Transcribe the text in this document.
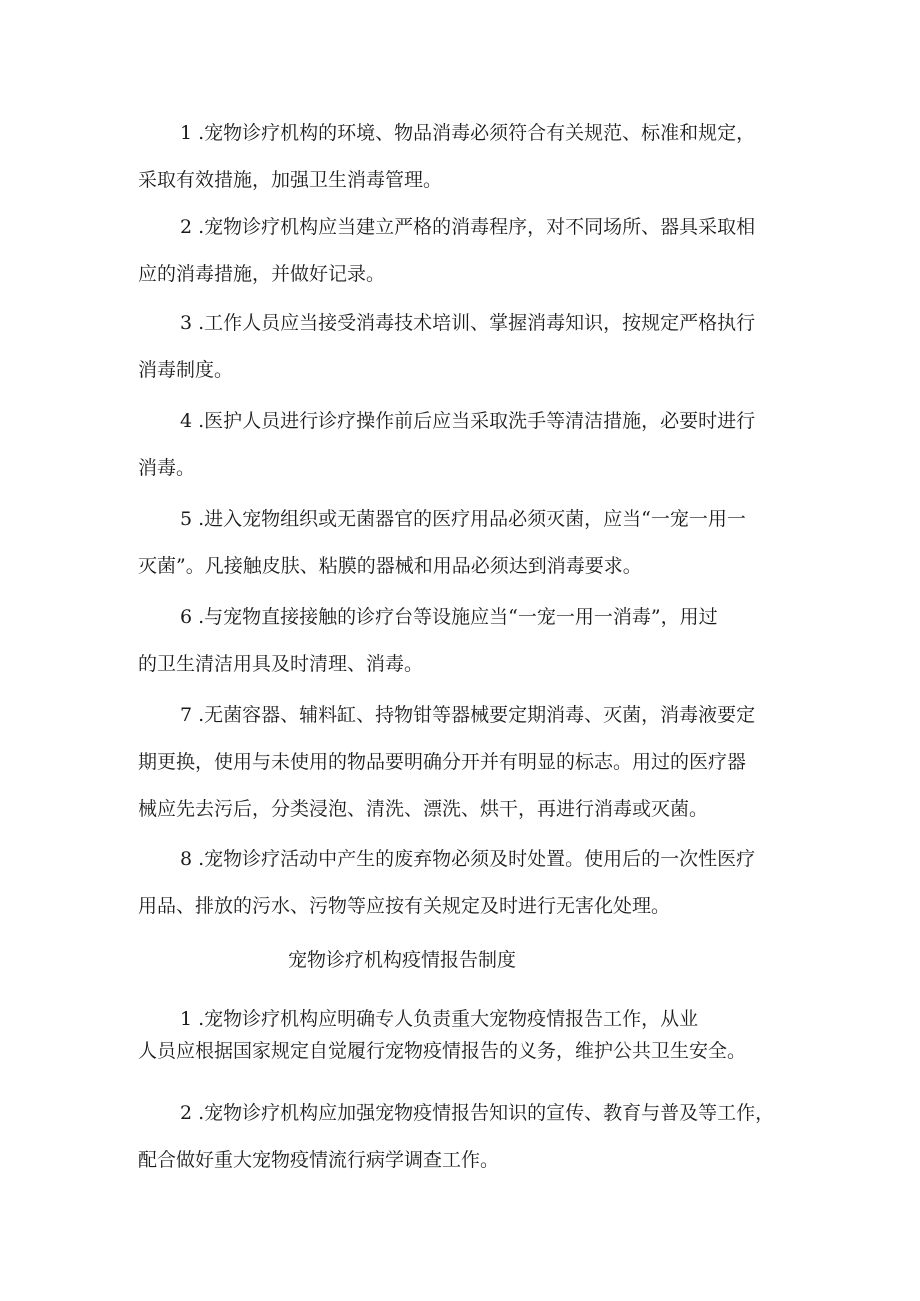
1 .宠物诊疗机构的环境、物品消毒必须符合有关规范、标准和规定，
采取有效措施，加强卫生消毒管理。

2 .宠物诊疗机构应当建立严格的消毒程序，对不同场所、器具采取相
应的消毒措施，并做好记录。

3 .工作人员应当接受消毒技术培训、掌握消毒知识，按规定严格执行
消毒制度。

4 .医护人员进行诊疗操作前后应当采取洗手等清洁措施，必要时进行
消毒。

5 .进入宠物组织或无菌器官的医疗用品必须灭菌，应当“一宠一用一
灭菌”。凡接触皮肤、粘膜的器械和用品必须达到消毒要求。

6 .与宠物直接接触的诊疗台等设施应当“一宠一用一消毒”，用过
的卫生清洁用具及时清理、消毒。

7 .无菌容器、辅料缸、持物钳等器械要定期消毒、灭菌，消毒液要定
期更换，使用与未使用的物品要明确分开并有明显的标志。用过的医疗器
械应先去污后，分类浸泡、清洗、漂洗、烘干，再进行消毒或灭菌。

8 .宠物诊疗活动中产生的废弃物必须及时处置。使用后的一次性医疗
用品、排放的污水、污物等应按有关规定及时进行无害化处理。

宠物诊疗机构疫情报告制度

1 .宠物诊疗机构应明确专人负责重大宠物疫情报告工作，从业
人员应根据国家规定自觉履行宠物疫情报告的义务，维护公共卫生安全。

2 .宠物诊疗机构应加强宠物疫情报告知识的宣传、教育与普及等工作，
配合做好重大宠物疫情流行病学调查工作。
